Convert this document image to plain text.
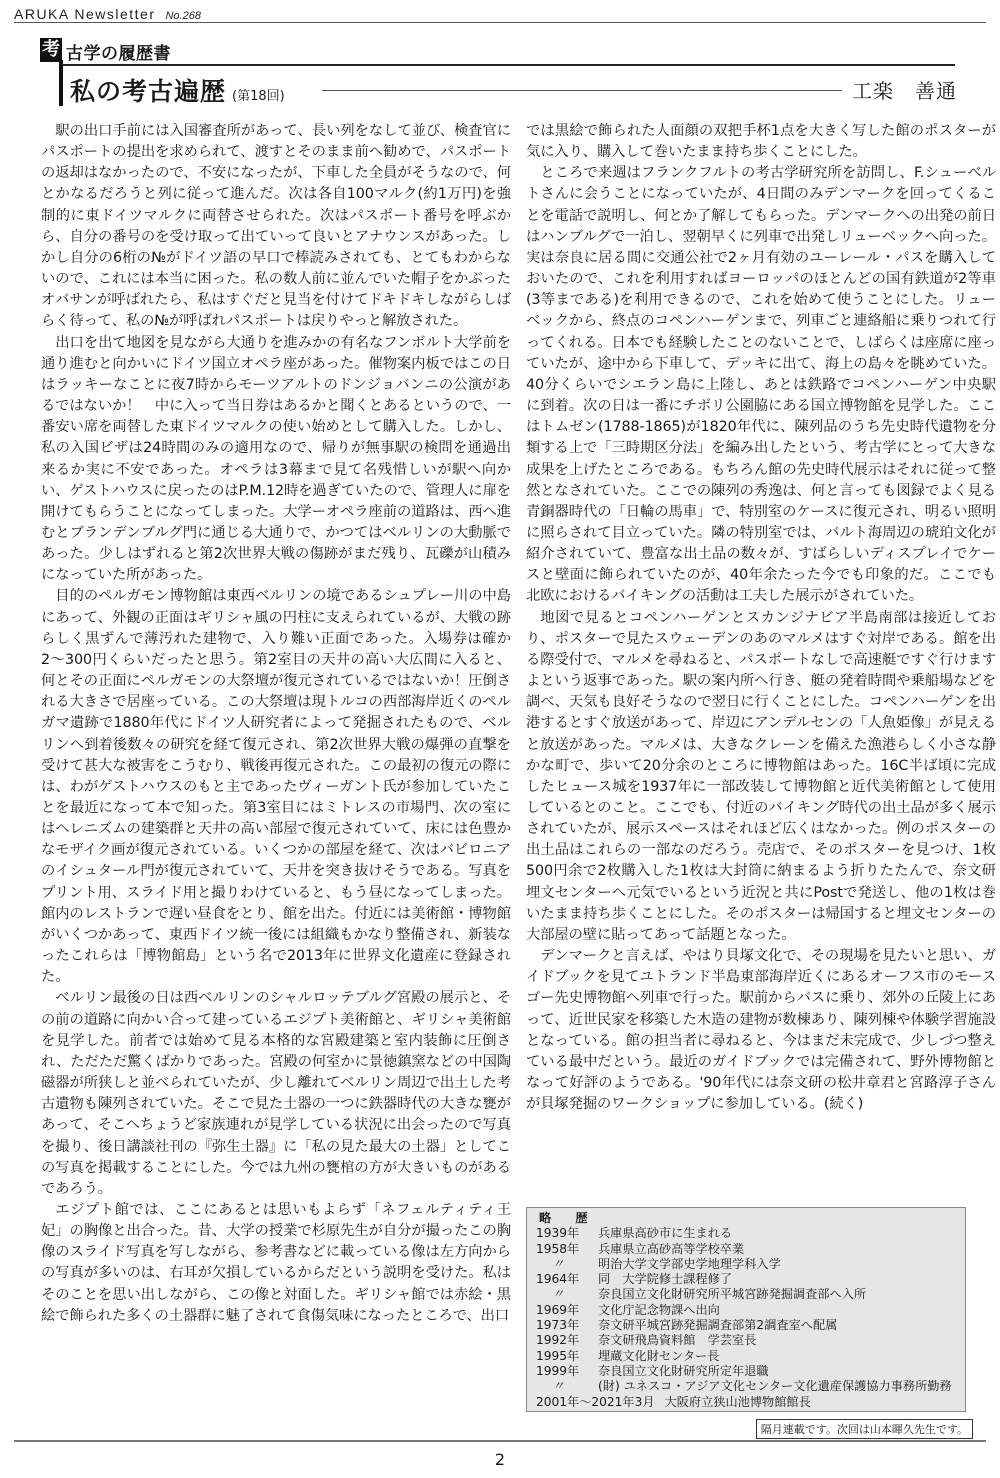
ARUKA Newsletter No.268
考 古学の履歴書
私の考古遍歴 (第18回)	工楽　善通

駅の出口手前には入国審査所があって、長い列をなして並び、検査官にパスポートの提出を求められて、渡すとそのまま前へ勧めで、パスポートの返却はなかったので、不安になったが、下車した全員がそうなので、何とかなるだろうと列に従って進んだ。次は各自100マルク(約1万円)を強制的に東ドイツマルクに両替させられた。次はパスポート番号を呼ぶから、自分の番号のを受け取って出ていって良いとアナウンスがあった。しかし自分の6桁の№がドイツ語の早口で棒読みされても、とてもわからないので、これには本当に困った。私の数人前に並んでいた帽子をかぶったオバサンが呼ばれたら、私はすぐだと見当を付けてドキドキしながらしばらく待って、私の№が呼ばれパスポートは戻りやっと解放された。

出口を出て地図を見ながら大通りを進みかの有名なフンボルト大学前を通り進むと向かいにドイツ国立オペラ座があった。催物案内板ではこの日はラッキーなことに夜7時からモーツアルトのドンジョバンニの公演があるではないか！　中に入って当日券はあるかと聞くとあるというので、一番安い席を両替した東ドイツマルクの使い始めとして購入した。しかし、私の入国ビザは24時間のみの適用なので、帰りが無事駅の検問を通過出来るか実に不安であった。オペラは3幕まで見て名残惜しいが駅へ向かい、ゲストハウスに戻ったのはP.M.12時を過ぎていたので、管理人に扉を開けてもらうことになってしまった。大学ーオペラ座前の道路は、西へ進むとブランデンブルグ門に通じる大通りで、かつてはベルリンの大動脈であった。少しはずれると第2次世界大戦の傷跡がまだ残り、瓦礫が山積みになっていた所があった。

目的のペルガモン博物館は東西ベルリンの境であるシュプレー川の中島にあって、外観の正面はギリシャ風の円柱に支えられているが、大戦の跡らしく黒ずんで薄汚れた建物で、入り難い正面であった。入場券は確か2〜300円くらいだったと思う。第2室目の天井の高い大広間に入ると、何とその正面にペルガモンの大祭壇が復元されているではないか！圧倒される大きさで居座っている。この大祭壇は現トルコの西部海岸近くのペルガマ遺跡で1880年代にドイツ人研究者によって発掘されたもので、ベルリンへ到着後数々の研究を経て復元され、第2次世界大戦の爆弾の直撃を受けて甚大な被害をこうむり、戦後再復元された。この最初の復元の際には、わがゲストハウスのもと主であったヴィーガント氏が参加していたことを最近になって本で知った。第3室目にはミトレスの市場門、次の室にはヘレニズムの建築群と天井の高い部屋で復元されていて、床には色豊かなモザイク画が復元されている。いくつかの部屋を経て、次はバビロニアのイシュタール門が復元されていて、天井を突き抜けそうである。写真をプリント用、スライド用と撮りわけていると、もう昼になってしまった。館内のレストランで遅い昼食をとり、館を出た。付近には美術館・博物館がいくつかあって、東西ドイツ統一後には組織もかなり整備され、新装なったこれらは「博物館島」という名で2013年に世界文化遺産に登録された。

ベルリン最後の日は西ベルリンのシャルロッテブルグ宮殿の展示と、その前の道路に向かい合って建っているエジプト美術館と、ギリシャ美術館を見学した。前者では始めて見る本格的な宮殿建築と室内装飾に圧倒され、ただただ驚くばかりであった。宮殿の何室かに景徳鎮窯などの中国陶磁器が所狭しと並べられていたが、少し離れてベルリン周辺で出土した考古遺物も陳列されていた。そこで見た土器の一つに鉄器時代の大きな甕があって、そこへちょうど家族連れが見学している状況に出会ったので写真を撮り、後日講談社刊の『弥生土器』に「私の見た最大の土器」としてこの写真を掲載することにした。今では九州の甕棺の方が大きいものがあるであろう。

エジプト館では、ここにあるとは思いもよらず「ネフェルティティ王妃」の胸像と出合った。昔、大学の授業で杉原先生が自分が撮ったこの胸像のスライド写真を写しながら、参考書などに載っている像は左方向からの写真が多いのは、右耳が欠損しているからだという説明を受けた。私はそのことを思い出しながら、この像と対面した。ギリシャ館では赤絵・黒絵で飾られた多くの土器群に魅了されて食傷気味になったところで、出口

では黒絵で飾られた人面顔の双把手杯1点を大きく写した館のポスターが気に入り、購入して巻いたまま持ち歩くことにした。

ところで来週はフランクフルトの考古学研究所を訪問し、F.シューベルトさんに会うことになっていたが、4日間のみデンマークを回ってくることを電話で説明し、何とか了解してもらった。デンマークへの出発の前日はハンブルグで一泊し、翌朝早くに列車で出発しリューベックへ向った。実は奈良に居る間に交通公社で2ヶ月有効のユーレール・パスを購入しておいたので、これを利用すればヨーロッパのほとんどの国有鉄道が2等車(3等まである)を利用できるので、これを始めて使うことにした。リューベックから、終点のコペンハーゲンまで、列車ごと連絡船に乗りつれて行ってくれる。日本でも経験したことのないことで、しばらくは座席に座っていたが、途中から下車して、デッキに出て、海上の島々を眺めていた。40分くらいでシエラン島に上陸し、あとは鉄路でコペンハーゲン中央駅に到着。次の日は一番にチボリ公園脇にある国立博物館を見学した。ここはトムゼン(1788-1865)が1820年代に、陳列品のうち先史時代遺物を分類する上で「三時期区分法」を編み出したという、考古学にとって大きな成果を上げたところである。もちろん館の先史時代展示はそれに従って整然となされていた。ここでの陳列の秀逸は、何と言っても図録でよく見る青銅器時代の「日輪の馬車」で、特別室のケースに復元され、明るい照明に照らされて目立っていた。隣の特別室では、バルト海周辺の琥珀文化が紹介されていて、豊富な出土品の数々が、すばらしいディスプレイでケースと壁面に飾られていたのが、40年余たった今でも印象的だ。ここでも北欧におけるバイキングの活動は工夫した展示がされていた。

地図で見るとコペンハーゲンとスカンジナビア半島南部は接近しており、ポスターで見たスウェーデンのあのマルメはすぐ対岸である。館を出る際受付で、マルメを尋ねると、パスポートなしで高速艇ですぐ行けますよという返事であった。駅の案内所へ行き、艇の発着時間や乗船場などを調べ、天気も良好そうなので翌日に行くことにした。コペンハーゲンを出港するとすぐ放送があって、岸辺にアンデルセンの「人魚姫像」が見えると放送があった。マルメは、大きなクレーンを備えた漁港らしく小さな静かな町で、歩いて20分余のところに博物館はあった。16C半ば頃に完成したヒュース城を1937年に一部改装して博物館と近代美術館として使用しているとのこと。ここでも、付近のバイキング時代の出土品が多く展示されていたが、展示スペースはそれほど広くはなかった。例のポスターの出土品はこれらの一部なのだろう。売店で、そのポスターを見つけ、1枚500円余で2枚購入した1枚は大封筒に納まるよう折りたたんで、奈文研埋文センターへ元気でいるという近況と共にPostで発送し、他の1枚は巻いたまま持ち歩くことにした。そのポスターは帰国すると埋文センターの大部屋の壁に貼ってあって話題となった。

デンマークと言えば、やはり貝塚文化で、その現場を見たいと思い、ガイドブックを見てユトランド半島東部海岸近くにあるオーフス市のモースゴー先史博物館へ列車で行った。駅前からバスに乗り、郊外の丘陵上にあって、近世民家を移築した木造の建物が数棟あり、陳列棟や体験学習施設となっている。館の担当者に尋ねると、今はまだ未完成で、少しづつ整えている最中だという。最近のガイドブックでは完備されて、野外博物館となって好評のようである。'90年代には奈文研の松井章君と宮路淳子さんが貝塚発掘のワークショップに参加している。(続く)

略　歴
1939年	兵庫県高砂市に生まれる
1958年	兵庫県立高砂高等学校卒業
〃	明治大学文学部史学地理学科入学
1964年	同　大学院修士課程修了
〃	奈良国立文化財研究所平城宮跡発掘調査部へ入所
1969年	文化庁記念物課へ出向
1973年	奈文研平城宮跡発掘調査部第2調査室へ配属
1992年	奈文研飛鳥資料館　学芸室長
1995年	埋蔵文化財センター長
1999年	奈良国立文化財研究所定年退職
〃	(財) ユネスコ・アジア文化センター文化遺産保護協力事務所勤務
2001年〜2021年3月 大阪府立狭山池博物館館長
隔月連載です。次回は山本暉久先生です。
2
